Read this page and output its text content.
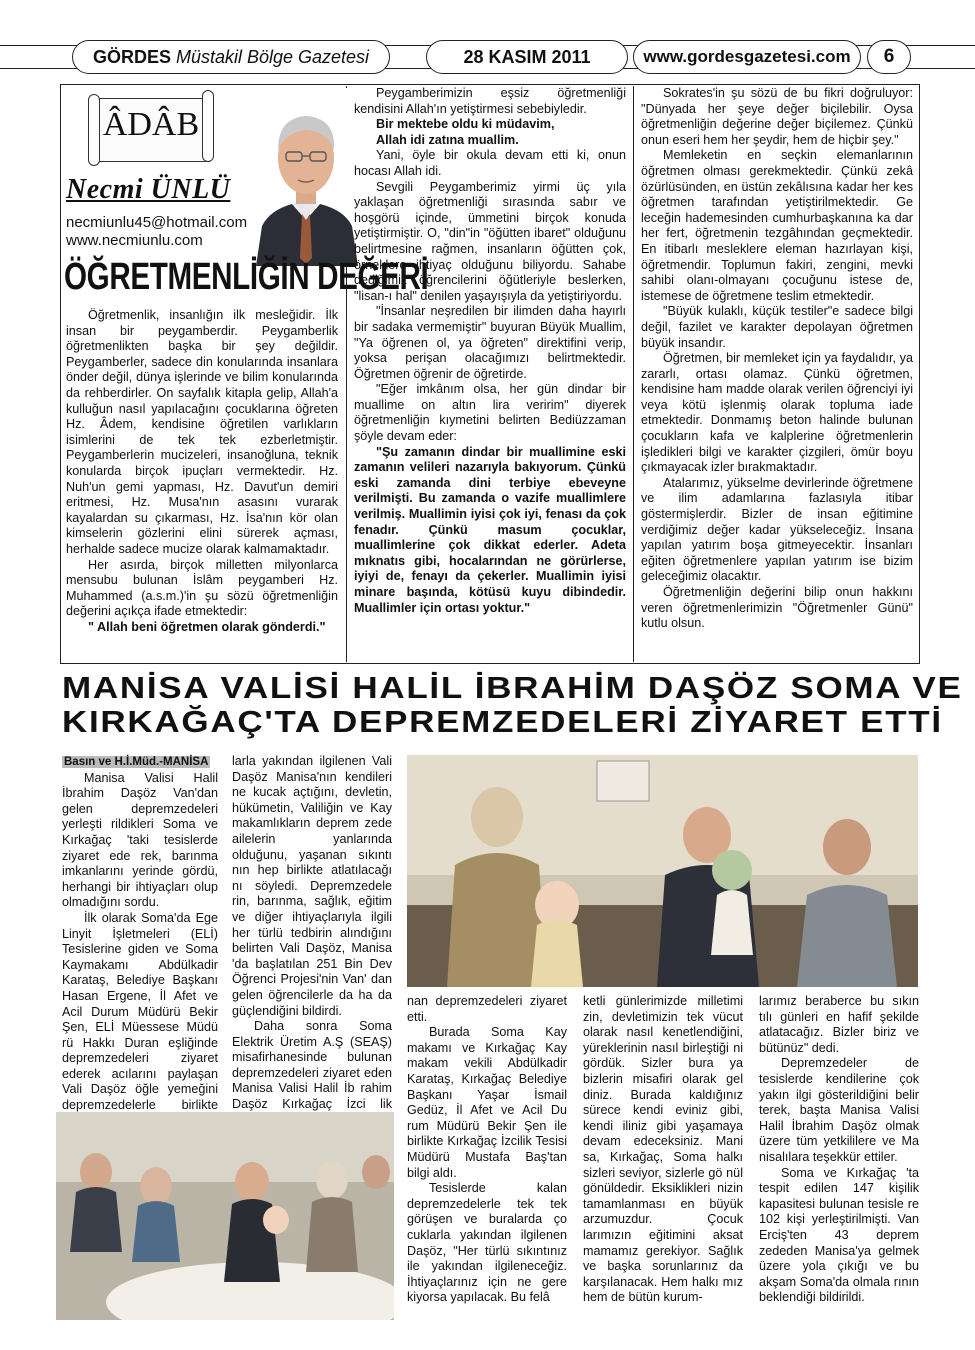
GÖRDES Müstakil Bölge Gazetesi	28 KASIM 2011	www.gordesgazetesi.com 6
ÂDÂB
Necmi ÜNLÜ
necmiunlu45@hotmail.com
www.necmiunlu.com
ÖĞRETMENLİĞİN DEĞERİ

Öğretmenlik, insanlığın ilk mesleğidir. İlk insan bir peygamberdir. Peygamberlik öğretmenlikten başka bir şey değildir. Peygamberler, sadece din konularında insanlara önder değil, dünya işlerinde ve bilim konularında da rehberdirler. On sayfalık kitapla gelip, Allah'a kulluğun nasıl yapılacağını çocuklarına öğreten Hz. Âdem, kendisine öğretilen varlıkların isimlerini de tek tek ezberletmiştir. Peygamberlerin mucizeleri, insanoğluna, teknik konularda birçok ipuçları vermektedir. Hz. Nuh'un gemi yapması, Hz. Davut'un demiri eritmesi, Hz. Musa'nın asasını vurarak kayalardan su çıkarması, Hz. İsa'nın kör olan kimselerin gözlerini elini sürerek açması, herhalde sadece mucize olarak kalmamaktadır.

Her asırda, birçok milletten milyonlarca mensubu bulunan İslâm peygamberi Hz. Muhammed (a.s.m.)'in şu sözü öğretmenliğin değerini açıkça ifade etmektedir:

" Allah beni öğretmen olarak gönderdi."

Peygamberimizin eşsiz öğretmenliği kendisini Allah'ın yetiştirmesi sebebiyledir.

Bir mektebe oldu ki müdavim,

Allah idi zatına muallim.

Yani, öyle bir okula devam etti ki, onun hocası Allah idi.

Sevgili Peygamberimiz yirmi üç yıla yaklaşan öğretmenliği sırasında sabır ve hoşgörü içinde, ümmetini birçok konuda yetiştirmiştir. O, "din"in "öğütten ibaret" olduğunu belirtmesine rağmen, insanların öğütten çok, örneklere ihtiyaç olduğunu biliyordu. Sahabe dediğimiz öğrencilerini öğütleriyle beslerken, "lisan-ı hal" denilen yaşayışıyla da yetiştiriyordu.

"İnsanlar neşredilen bir ilimden daha hayırlı bir sadaka vermemiştir" buyuran Büyük Muallim, "Ya öğrenen ol, ya öğreten" direktifini verip, yoksa perişan olacağımızı belirtmektedir. Öğretmen öğrenir de öğretirde.

"Eğer imkânım olsa, her gün dindar bir muallime on altın lira veririm" diyerek öğretmenliğin kıymetini belirten Bediüzzaman şöyle devam eder:

"Şu zamanın dindar bir muallimine eski zamanın velileri nazarıyla bakıyorum. Çünkü eski zamanda dini terbiye ebeveyne verilmişti. Bu zamanda o vazife muallimlere verilmiş. Muallimin iyisi çok iyi, fenası da çok fenadır. Çünkü masum çocuklar, muallimlerine çok dikkat ederler. Adeta mıknatıs gibi, hocalarından ne görürlerse, iyiyi de, fenayı da çekerler. Muallimin iyisi minare başında, kötüsü kuyu dibindedir. Muallimler için ortası yoktur."

Sokrates'in şu sözü de bu fikri doğruluyor: "Dünyada her şeye değer biçilebilir. Oysa öğretmenliğin değerine değer biçilemez. Çünkü onun eseri hem her şeydir, hem de hiçbir şey."

Memleketin en seçkin elemanlarının öğretmen olması gerekmektedir. Çünkü zekâ özürlüsünden, en üstün zekâlısına kadar her kes öğretmen tarafından yetiştirilmektedir. Ge leceğin hademesinden cumhurbaşkanına ka dar her fert, öğretmenin tezgâhından geçmektedir. En itibarlı mesleklere eleman hazırlayan kişi, öğretmendir. Toplumun fakiri, zengini, mevki sahibi olanı-olmayanı çocuğunu istese de, istemese de öğretmene teslim etmektedir.

"Büyük kulaklı, küçük testiler"e sadece bilgi değil, fazilet ve karakter depolayan öğretmen büyük insandır.

Öğretmen, bir memleket için ya faydalıdır, ya zararlı, ortası olamaz. Çünkü öğretmen, kendisine ham madde olarak verilen öğrenciyi iyi veya kötü işlenmiş olarak topluma iade etmektedir. Donmamış beton halinde bulunan çocukların kafa ve kalplerine öğretmenlerin işledikleri bilgi ve karakter çizgileri, ömür boyu çıkmayacak izler bırakmaktadır.

Atalarımız, yükselme devirlerinde öğretmene ve ilim adamlarına fazlasıyla itibar göstermişlerdir. Bizler de insan eğitimine verdiğimiz değer kadar yükseleceğiz. İnsana yapılan yatırım boşa gitmeyecektir. İnsanları eğiten öğretmenlere yapılan yatırım ise bizim geleceğimiz olacaktır.

Öğretmenliğin değerini bilip onun hakkını veren öğretmenlerimizin "Öğretmenler Günü" kutlu olsun.

MANİSA VALİSİ HALİL İBRAHİM DAŞÖZ SOMA VE
KIRKAĞAÇ'TA DEPREMZEDELERİ ZİYARET ETTİ

Basın ve H.İ.Müd.-MANİSA

Manisa Valisi Halil İbrahim Daşöz Van'dan gelen depremzedeleri yerleşti rildikleri Soma ve Kırkağaç 'taki tesislerde ziyaret ede rek, barınma imkanlarını yerinde gördü, herhangi bir ihtiyaçları olup olmadığını sordu.

İlk olarak Soma'da Ege Linyit İşletmeleri (ELİ) Tesislerine giden ve Soma Kaymakamı Abdülkadir Karataş, Belediye Başkanı Hasan Ergene, İl Afet ve Acil Durum Müdürü Bekir Şen, ELİ Müessese Müdü rü Hakkı Duran eşliğinde depremzedeleri ziyaret ederek acılarını paylaşan Vali Daşöz öğle yemeğini depremzedelerle birlikte

larla yakından ilgilenen Vali Daşöz Manisa'nın kendileri ne kucak açtığını, devletin, hükümetin, Valiliğin ve Kay makamlıkların deprem zede ailelerin yanlarında olduğunu, yaşanan sıkıntı nın hep birlikte atlatılacağı nı söyledi. Depremzedele rin, barınma, sağlık, eğitim ve diğer ihtiyaçlarıyla ilgili her türlü tedbirin alındığını belirten Vali Daşöz, Manisa 'da başlatılan 251 Bin Dev Öğrenci Projesi'nin Van' dan gelen öğrencilerle da ha da güçlendiğini bildirdi.

Daha sonra Soma Elektrik Üretim A.Ş (SEAŞ) misafirhanesinde bulunan depremzedeleri ziyaret eden Manisa Valisi Halil İb rahim Daşöz Kırkağaç İzci lik

nan depremzedeleri ziyaret etti.

Burada Soma Kay makamı ve Kırkağaç Kay makam vekili Abdülkadir Karataş, Kırkağaç Belediye Başkanı Yaşar İsmail Gedüz, İl Afet ve Acil Du rum Müdürü Bekir Şen ile birlikte Kırkağaç İzcilik Tesisi Müdürü Mustafa Baş'tan bilgi aldı.

Tesislerde kalan depremzedelerle tek tek görüşen ve buralarda ço cuklarla yakından ilgilenen Daşöz, "Her türlü sıkıntınız ile yakından ilgileneceğiz. İhtiyaçlarınız için ne gere kiyorsa yapılacak. Bu felâ

ketli günlerimizde milletimi zin, devletimizin tek vücut olarak nasıl kenetlendiğini, yüreklerinin nasıl birleştiği ni gördük. Sizler bura ya bizlerin misafiri olarak gel diniz. Burada kaldığınız sürece kendi eviniz gibi, kendi iliniz gibi yaşamaya devam edeceksiniz. Mani sa, Kırkağaç, Soma halkı sizleri seviyor, sizlerle gö nül gönüldedir. Eksiklikleri nizin tamamlanması en büyük arzumuzdur. Çocuk larımızın eğitimini aksat mamamız gerekiyor. Sağlık ve başka sorunlarınız da karşılanacak. Hem halkı mız hem de bütün kurum-

larımız beraberce bu sıkın tılı günleri en hafif şekilde atlatacağız. Bizler biriz ve bütünüz" dedi.

Depremzedeler de tesislerde kendilerine çok yakın ilgi gösterildiğini belir terek, başta Manisa Valisi Halil İbrahim Daşöz olmak üzere tüm yetkililere ve Ma nisalılara teşekkür ettiler.

Soma ve Kırkağaç 'ta tespit edilen 147 kişilik kapasitesi bulunan tesisle re 102 kişi yerleştirilmişti. Van Erciş'ten 43 deprem zededen Manisa'ya gelmek üzere yola çıkığı ve bu akşam Soma'da olmala rının beklendiği bildirildi.
